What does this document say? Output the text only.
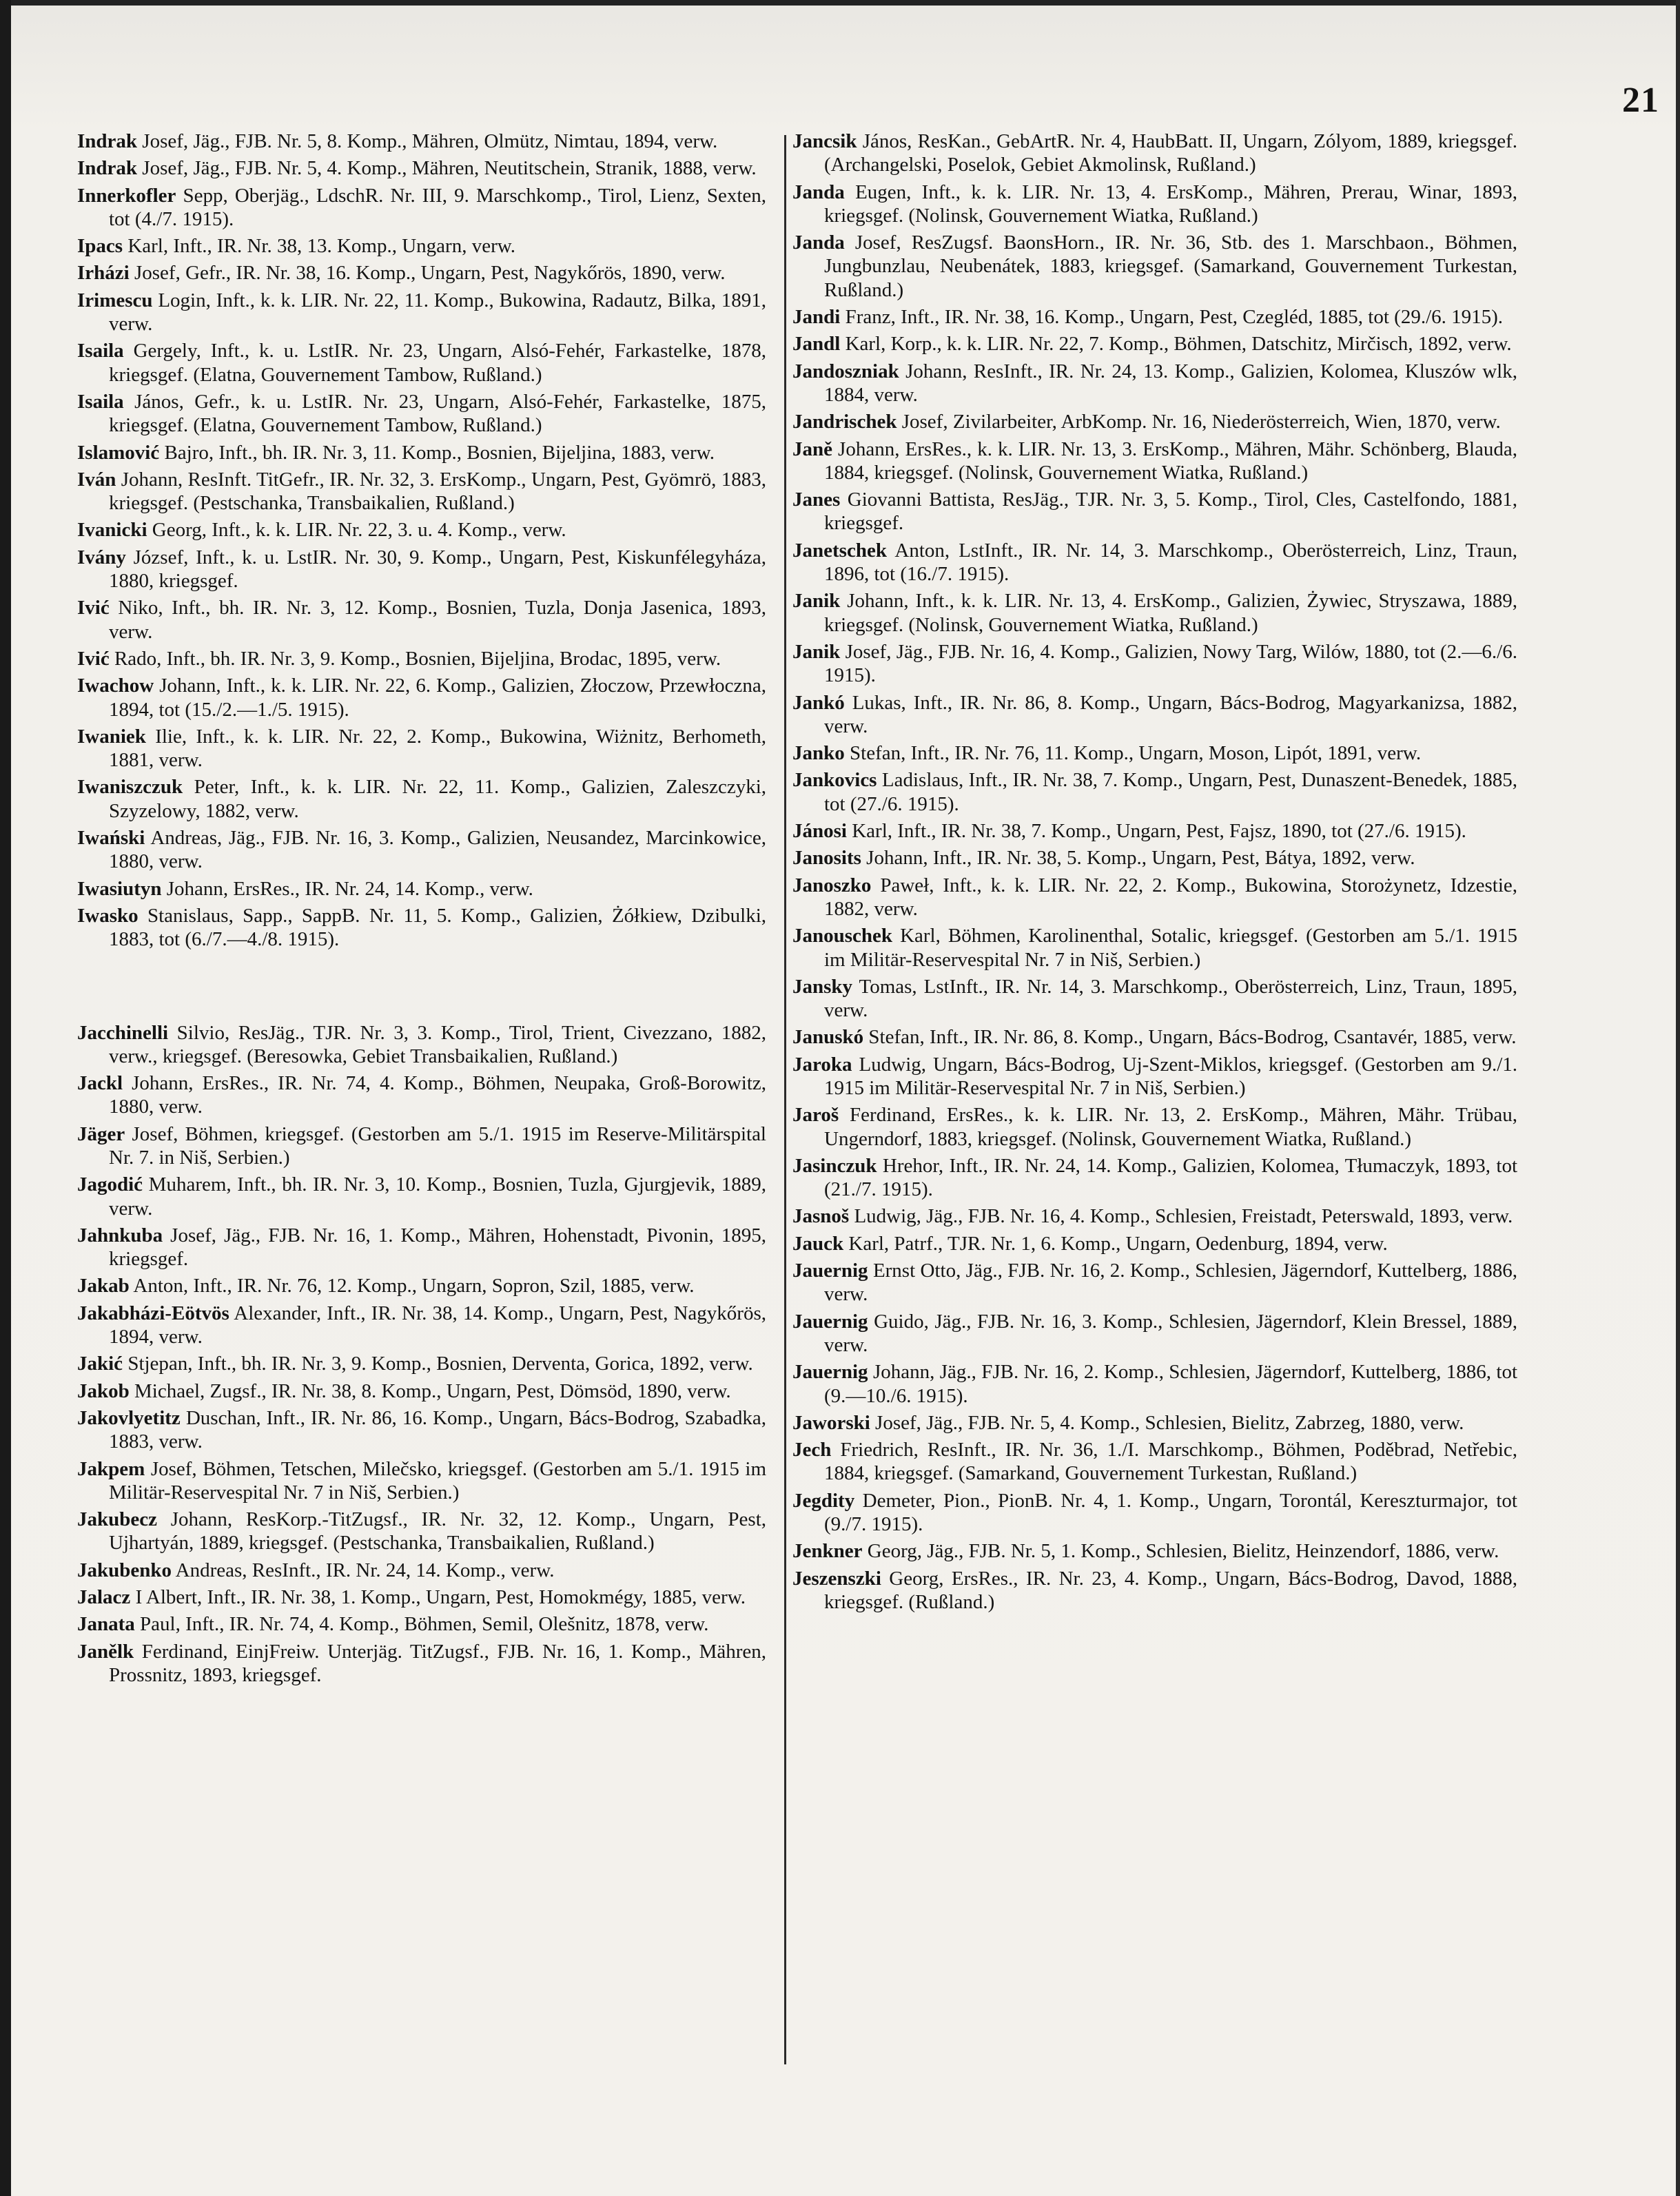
21

Indrak Josef, Jäg., FJB. Nr. 5, 8. Komp., Mähren, Olmütz, Nimtau, 1894, verw.

Indrak Josef, Jäg., FJB. Nr. 5, 4. Komp., Mähren, Neutitschein, Stranik, 1888, verw.

Innerkofler Sepp, Oberjäg., LdschR. Nr. III, 9. Marschkomp., Tirol, Lienz, Sexten, tot (4./7. 1915).

Ipacs Karl, Inft., IR. Nr. 38, 13. Komp., Ungarn, verw.

Irházi Josef, Gefr., IR. Nr. 38, 16. Komp., Ungarn, Pest, Nagykőrös, 1890, verw.

Irimescu Login, Inft., k. k. LIR. Nr. 22, 11. Komp., Bukowina, Radautz, Bilka, 1891, verw.

Isaila Gergely, Inft., k. u. LstIR. Nr. 23, Ungarn, Alsó-Fehér, Farkastelke, 1878, kriegsgef. (Elatna, Gouvernement Tambow, Rußland.)

Isaila János, Gefr., k. u. LstIR. Nr. 23, Ungarn, Alsó-Fehér, Farkastelke, 1875, kriegsgef. (Elatna, Gouvernement Tambow, Rußland.)

Islamović Bajro, Inft., bh. IR. Nr. 3, 11. Komp., Bosnien, Bijeljina, 1883, verw.

Iván Johann, ResInft. TitGefr., IR. Nr. 32, 3. ErsKomp., Ungarn, Pest, Gyömrö, 1883, kriegsgef. (Pestschanka, Transbaikalien, Rußland.)

Ivanicki Georg, Inft., k. k. LIR. Nr. 22, 3. u. 4. Komp., verw.

Ivány József, Inft., k. u. LstIR. Nr. 30, 9. Komp., Ungarn, Pest, Kiskunfélegyháza, 1880, kriegsgef.

Ivić Niko, Inft., bh. IR. Nr. 3, 12. Komp., Bosnien, Tuzla, Donja Jasenica, 1893, verw.

Ivić Rado, Inft., bh. IR. Nr. 3, 9. Komp., Bosnien, Bijeljina, Brodac, 1895, verw.

Iwachow Johann, Inft., k. k. LIR. Nr. 22, 6. Komp., Galizien, Złoczow, Przewłoczna, 1894, tot (15./2.—1./5. 1915).

Iwaniek Ilie, Inft., k. k. LIR. Nr. 22, 2. Komp., Bukowina, Wiżnitz, Berhometh, 1881, verw.

Iwaniszczuk Peter, Inft., k. k. LIR. Nr. 22, 11. Komp., Galizien, Zaleszczyki, Szyzelowy, 1882, verw.

Iwański Andreas, Jäg., FJB. Nr. 16, 3. Komp., Galizien, Neusandez, Marcinkowice, 1880, verw.

Iwasiutyn Johann, ErsRes., IR. Nr. 24, 14. Komp., verw.

Iwasko Stanislaus, Sapp., SappB. Nr. 11, 5. Komp., Galizien, Żółkiew, Dzibulki, 1883, tot (6./7.—4./8. 1915).

Jacchinelli Silvio, ResJäg., TJR. Nr. 3, 3. Komp., Tirol, Trient, Civezzano, 1882, verw., kriegsgef. (Beresowka, Gebiet Transbaikalien, Rußland.)

Jackl Johann, ErsRes., IR. Nr. 74, 4. Komp., Böhmen, Neupaka, Groß-Borowitz, 1880, verw.

Jäger Josef, Böhmen, kriegsgef. (Gestorben am 5./1. 1915 im Reserve-Militärspital Nr. 7. in Niš, Serbien.)

Jagodić Muharem, Inft., bh. IR. Nr. 3, 10. Komp., Bosnien, Tuzla, Gjurgjevik, 1889, verw.

Jahnkuba Josef, Jäg., FJB. Nr. 16, 1. Komp., Mähren, Hohenstadt, Pivonin, 1895, kriegsgef.

Jakab Anton, Inft., IR. Nr. 76, 12. Komp., Ungarn, Sopron, Szil, 1885, verw.

Jakabházi-Eötvös Alexander, Inft., IR. Nr. 38, 14. Komp., Ungarn, Pest, Nagykőrös, 1894, verw.

Jakić Stjepan, Inft., bh. IR. Nr. 3, 9. Komp., Bosnien, Derventa, Gorica, 1892, verw.

Jakob Michael, Zugsf., IR. Nr. 38, 8. Komp., Ungarn, Pest, Dömsöd, 1890, verw.

Jakovlyetitz Duschan, Inft., IR. Nr. 86, 16. Komp., Ungarn, Bács-Bodrog, Szabadka, 1883, verw.

Jakpem Josef, Böhmen, Tetschen, Milečsko, kriegsgef. (Gestorben am 5./1. 1915 im Militär-Reservespital Nr. 7 in Niš, Serbien.)

Jakubecz Johann, ResKorp.-TitZugsf., IR. Nr. 32, 12. Komp., Ungarn, Pest, Ujhartyán, 1889, kriegsgef. (Pestschanka, Transbaikalien, Rußland.)

Jakubenko Andreas, ResInft., IR. Nr. 24, 14. Komp., verw.

Jalacz I Albert, Inft., IR. Nr. 38, 1. Komp., Ungarn, Pest, Homokmégy, 1885, verw.

Janata Paul, Inft., IR. Nr. 74, 4. Komp., Böhmen, Semil, Olešnitz, 1878, verw.

Janělk Ferdinand, EinjFreiw. Unterjäg. TitZugsf., FJB. Nr. 16, 1. Komp., Mähren, Prossnitz, 1893, kriegsgef.

Jancsik János, ResKan., GebArtR. Nr. 4, HaubBatt. II, Ungarn, Zólyom, 1889, kriegsgef. (Archangelski, Poselok, Gebiet Akmolinsk, Rußland.)

Janda Eugen, Inft., k. k. LIR. Nr. 13, 4. ErsKomp., Mähren, Prerau, Winar, 1893, kriegsgef. (Nolinsk, Gouvernement Wiatka, Rußland.)

Janda Josef, ResZugsf. BaonsHorn., IR. Nr. 36, Stb. des 1. Marschbaon., Böhmen, Jungbunzlau, Neubenátek, 1883, kriegsgef. (Samarkand, Gouvernement Turkestan, Rußland.)

Jandi Franz, Inft., IR. Nr. 38, 16. Komp., Ungarn, Pest, Czegléd, 1885, tot (29./6. 1915).

Jandl Karl, Korp., k. k. LIR. Nr. 22, 7. Komp., Böhmen, Datschitz, Mirčisch, 1892, verw.

Jandoszniak Johann, ResInft., IR. Nr. 24, 13. Komp., Galizien, Kolomea, Kluszów wlk, 1884, verw.

Jandrischek Josef, Zivilarbeiter, ArbKomp. Nr. 16, Niederösterreich, Wien, 1870, verw.

Janě Johann, ErsRes., k. k. LIR. Nr. 13, 3. ErsKomp., Mähren, Mähr. Schönberg, Blauda, 1884, kriegsgef. (Nolinsk, Gouvernement Wiatka, Rußland.)

Janes Giovanni Battista, ResJäg., TJR. Nr. 3, 5. Komp., Tirol, Cles, Castelfondo, 1881, kriegsgef.

Janetschek Anton, LstInft., IR. Nr. 14, 3. Marschkomp., Oberösterreich, Linz, Traun, 1896, tot (16./7. 1915).

Janik Johann, Inft., k. k. LIR. Nr. 13, 4. ErsKomp., Galizien, Żywiec, Stryszawa, 1889, kriegsgef. (Nolinsk, Gouvernement Wiatka, Rußland.)

Janik Josef, Jäg., FJB. Nr. 16, 4. Komp., Galizien, Nowy Targ, Wilów, 1880, tot (2.—6./6. 1915).

Jankó Lukas, Inft., IR. Nr. 86, 8. Komp., Ungarn, Bács-Bodrog, Magyarkanizsa, 1882, verw.

Janko Stefan, Inft., IR. Nr. 76, 11. Komp., Ungarn, Moson, Lipót, 1891, verw.

Jankovics Ladislaus, Inft., IR. Nr. 38, 7. Komp., Ungarn, Pest, Dunaszent-Benedek, 1885, tot (27./6. 1915).

Jánosi Karl, Inft., IR. Nr. 38, 7. Komp., Ungarn, Pest, Fajsz, 1890, tot (27./6. 1915).

Janosits Johann, Inft., IR. Nr. 38, 5. Komp., Ungarn, Pest, Bátya, 1892, verw.

Janoszko Paweł, Inft., k. k. LIR. Nr. 22, 2. Komp., Bukowina, Storożynetz, Idzestie, 1882, verw.

Janouschek Karl, Böhmen, Karolinenthal, Sotalic, kriegsgef. (Gestorben am 5./1. 1915 im Militär-Reservespital Nr. 7 in Niš, Serbien.)

Jansky Tomas, LstInft., IR. Nr. 14, 3. Marschkomp., Oberösterreich, Linz, Traun, 1895, verw.

Januskó Stefan, Inft., IR. Nr. 86, 8. Komp., Ungarn, Bács-Bodrog, Csantavér, 1885, verw.

Jaroka Ludwig, Ungarn, Bács-Bodrog, Uj-Szent-Miklos, kriegsgef. (Gestorben am 9./1. 1915 im Militär-Reservespital Nr. 7 in Niš, Serbien.)

Jaroš Ferdinand, ErsRes., k. k. LIR. Nr. 13, 2. ErsKomp., Mähren, Mähr. Trübau, Ungerndorf, 1883, kriegsgef. (Nolinsk, Gouvernement Wiatka, Rußland.)

Jasinczuk Hrehor, Inft., IR. Nr. 24, 14. Komp., Galizien, Kolomea, Tłumaczyk, 1893, tot (21./7. 1915).

Jasnoš Ludwig, Jäg., FJB. Nr. 16, 4. Komp., Schlesien, Freistadt, Peterswald, 1893, verw.

Jauck Karl, Patrf., TJR. Nr. 1, 6. Komp., Ungarn, Oedenburg, 1894, verw.

Jauernig Ernst Otto, Jäg., FJB. Nr. 16, 2. Komp., Schlesien, Jägerndorf, Kuttelberg, 1886, verw.

Jauernig Guido, Jäg., FJB. Nr. 16, 3. Komp., Schlesien, Jägerndorf, Klein Bressel, 1889, verw.

Jauernig Johann, Jäg., FJB. Nr. 16, 2. Komp., Schlesien, Jägerndorf, Kuttelberg, 1886, tot (9.—10./6. 1915).

Jaworski Josef, Jäg., FJB. Nr. 5, 4. Komp., Schlesien, Bielitz, Zabrzeg, 1880, verw.

Jech Friedrich, ResInft., IR. Nr. 36, 1./I. Marschkomp., Böhmen, Poděbrad, Netřebic, 1884, kriegsgef. (Samarkand, Gouvernement Turkestan, Rußland.)

Jegdity Demeter, Pion., PionB. Nr. 4, 1. Komp., Ungarn, Torontál, Kereszturmajor, tot (9./7. 1915).

Jenkner Georg, Jäg., FJB. Nr. 5, 1. Komp., Schlesien, Bielitz, Heinzendorf, 1886, verw.

Jeszenszki Georg, ErsRes., IR. Nr. 23, 4. Komp., Ungarn, Bács-Bodrog, Davod, 1888, kriegsgef. (Rußland.)
